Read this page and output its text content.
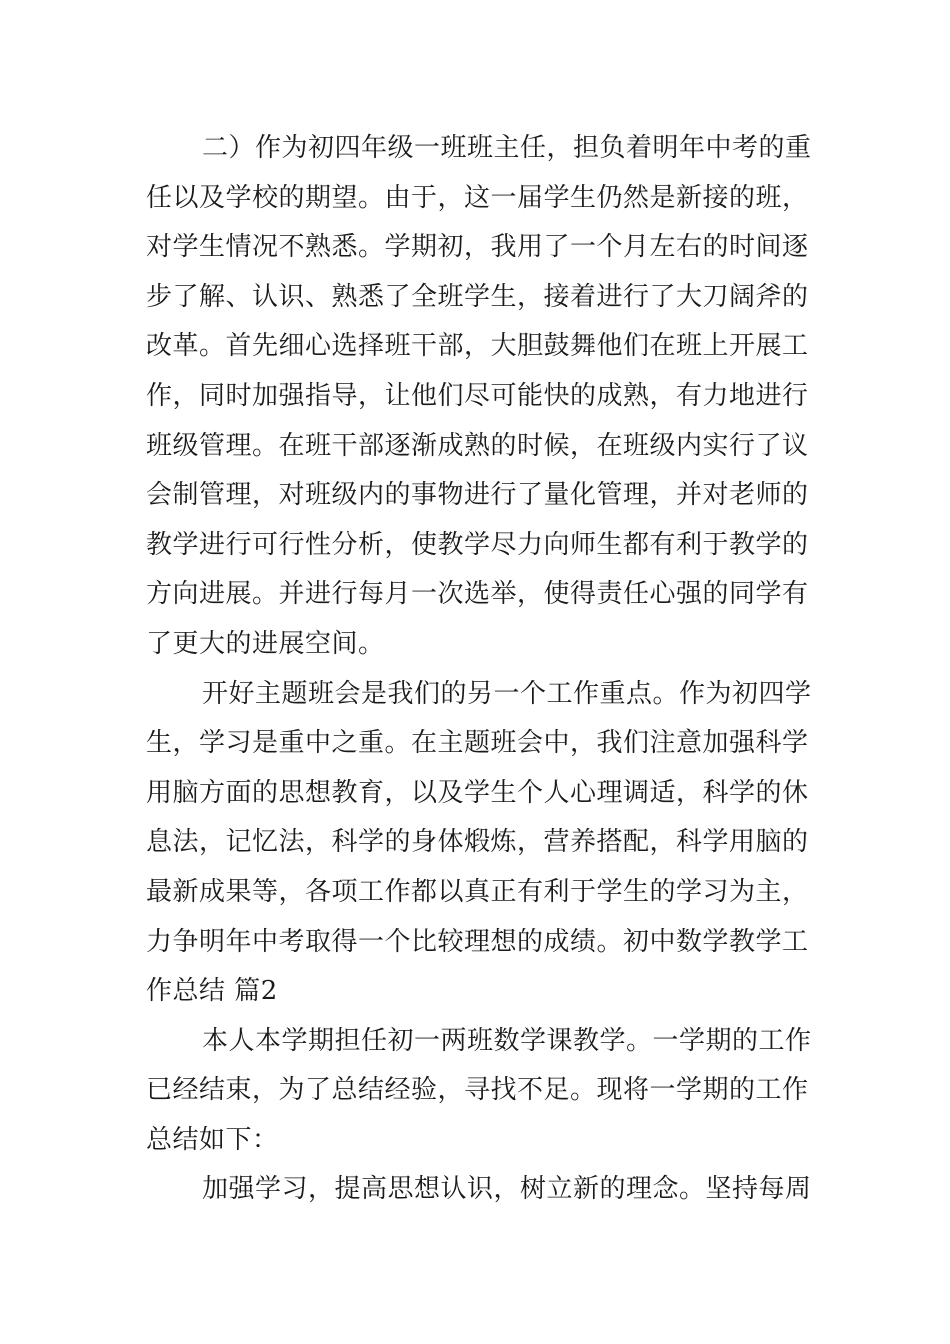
二）作为初四年级一班班主任，担负着明年中考的重
任以及学校的期望。由于，这一届学生仍然是新接的班，
对学生情况不熟悉。学期初，我用了一个月左右的时间逐
步了解、认识、熟悉了全班学生，接着进行了大刀阔斧的
改革。首先细心选择班干部，大胆鼓舞他们在班上开展工
作，同时加强指导，让他们尽可能快的成熟，有力地进行
班级管理。在班干部逐渐成熟的时候，在班级内实行了议
会制管理，对班级内的事物进行了量化管理，并对老师的
教学进行可行性分析，使教学尽力向师生都有利于教学的
方向进展。并进行每月一次选举，使得责任心强的同学有
了更大的进展空间。
开好主题班会是我们的另一个工作重点。作为初四学
生，学习是重中之重。在主题班会中，我们注意加强科学
用脑方面的思想教育，以及学生个人心理调适，科学的休
息法，记忆法，科学的身体煅炼，营养搭配，科学用脑的
最新成果等，各项工作都以真正有利于学生的学习为主，
力争明年中考取得一个比较理想的成绩。初中数学教学工
作总结 篇2
本人本学期担任初一两班数学课教学。一学期的工作
已经结束，为了总结经验，寻找不足。现将一学期的工作
总结如下：
加强学习，提高思想认识，树立新的理念。坚持每周
